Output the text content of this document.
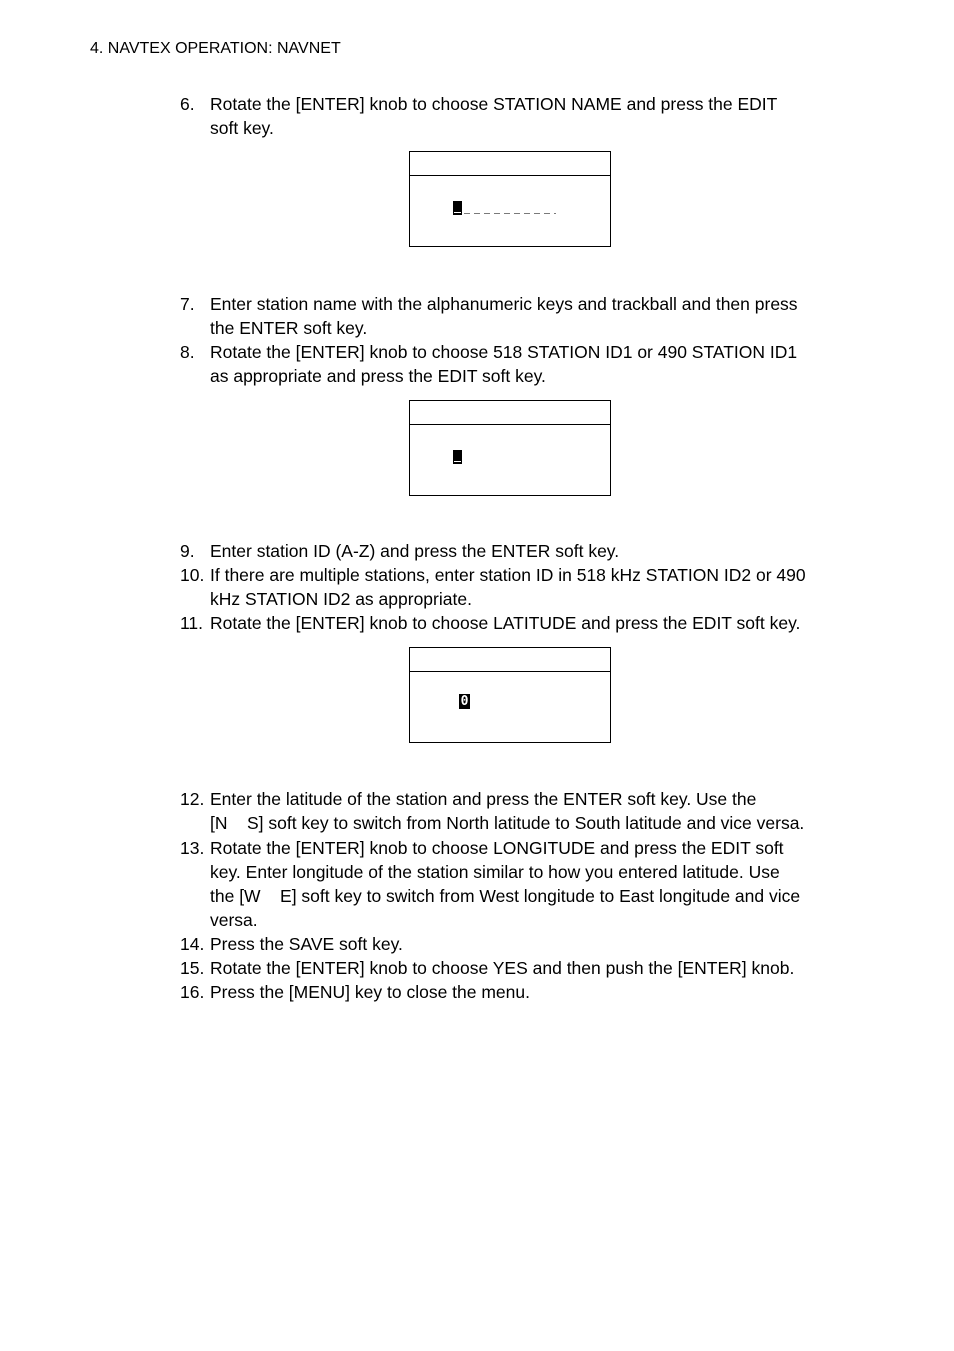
4. NAVTEX OPERATION: NAVNET
6. Rotate the [ENTER] knob to choose STATION NAME and press the EDIT
soft key.
7. Enter station name with the alphanumeric keys and trackball and then press
the ENTER soft key.
8. Rotate the [ENTER] knob to choose 518 STATION ID1 or 490 STATION ID1
as appropriate and press the EDIT soft key.
9. Enter station ID (A-Z) and press the ENTER soft key.
10. If there are multiple stations, enter station ID in 518 kHz STATION ID2 or 490
kHz STATION ID2 as appropriate.
11. Rotate the [ENTER] knob to choose LATITUDE and press the EDIT soft key.
0
12. Enter the latitude of the station and press the ENTER soft key. Use the
[N    S] soft key to switch from North latitude to South latitude and vice versa.
13. Rotate the [ENTER] knob to choose LONGITUDE and press the EDIT soft
key. Enter longitude of the station similar to how you entered latitude. Use
the [W    E] soft key to switch from West longitude to East longitude and vice
versa.
14. Press the SAVE soft key.
15. Rotate the [ENTER] knob to choose YES and then push the [ENTER] knob.
16. Press the [MENU] key to close the menu.
